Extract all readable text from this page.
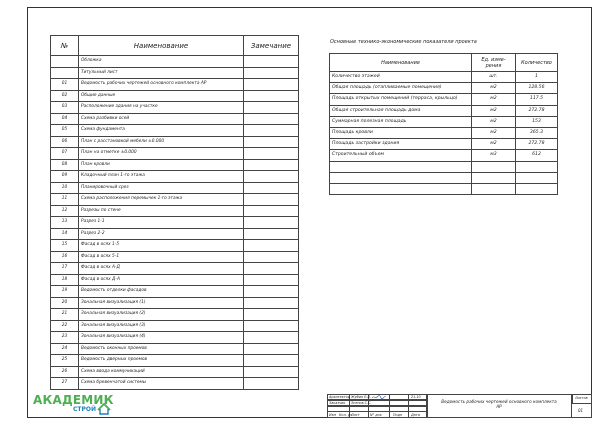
№	Наименование	Замечание
	Обложка	
	Титульный лист	
01	Ведомость рабочих чертежей основного комплекта АР	
02	Общие данные	
03	Расположение здания на участке	
04	Схема разбивки осей	
05	Схема фундамента	
06	План с расстановкой мебели ±0.000	
07	План на отметке ±0.000	
08	План кровли	
09	Кладочный план 1-го этажа	
10	Планировочный срез	
11	Схема расположения перемычек 1-го этажа	
12	Разрезы по стене	
13	Разрез 1-1	
14	Разрез 2-2	
15	Фасад в осях 1-5	
16	Фасад в осях 5-1	
17	Фасад в осях А-Д	
18	Фасад в осях Д-А	
19	Ведомость отделки фасадов	
20	Зональная визуализация (1)	
21	Зональная визуализация (2)	
22	Зональная визуализация (3)	
23	Зональная визуализация (4)	
24	Ведомость оконных проемов	
25	Ведомость дверных проемов	
26	Схема ввода коммуникаций	
27	Схема бревенчатой системы	
Основные технико-экономические показатели проекта
Наименование	Ед. изме-рения	Количество
Количество этажей	шт.	1
Общая площадь (отапливаемые помещения)	м2	128.56
Площадь открытых помещений (терраса, крыльцо)	м2	117.5
Общая строительная площадь дома	м2	272.78
Суммарная полезная площадь	м2	153
Площадь кровли	м2	365.3
Площадь застройки здания	м2	272.78
Строительный объем	м3	612

АКАДЕМИК
СТРОЙ
Архитектор Жубин Е.В.	21.10
Заказчик Эсенов С.С.
Изм Кол. уч Лист	N° док	Подп	Дата
Ведомость рабочих чертежей основного комплекта АР
Листов
01
